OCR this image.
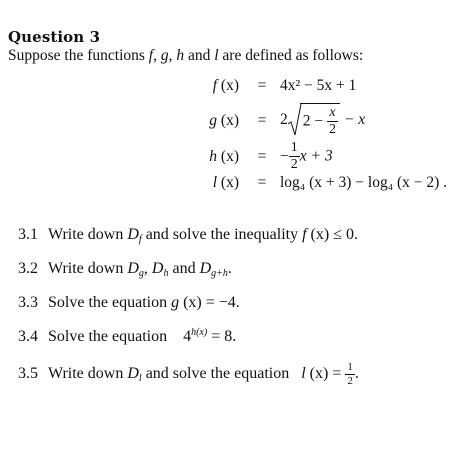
Question 3
Suppose the functions f, g, h and l are defined as follows:
f (x) = 4x² − 5x + 1
g (x) = 2 $2 - \frac{x}{2} - x$
h (x) = − $\frac{1}{2}$ x + 3
l (x) = log₄ (x + 3) − log₄ (x − 2) .
3.1 Write down $D_f$ and solve the inequality f (x) ≤ 0.
3.2 Write down $D_g$, $D_h$ and $D_{g+h}$.
3.3 Solve the equation g (x) = −4.
3.4 Solve the equation    $4^{h(x)} = 8$.
3.5 Write down $D_l$ and solve the equation   l $(x) = \frac{1}{2}$ .
